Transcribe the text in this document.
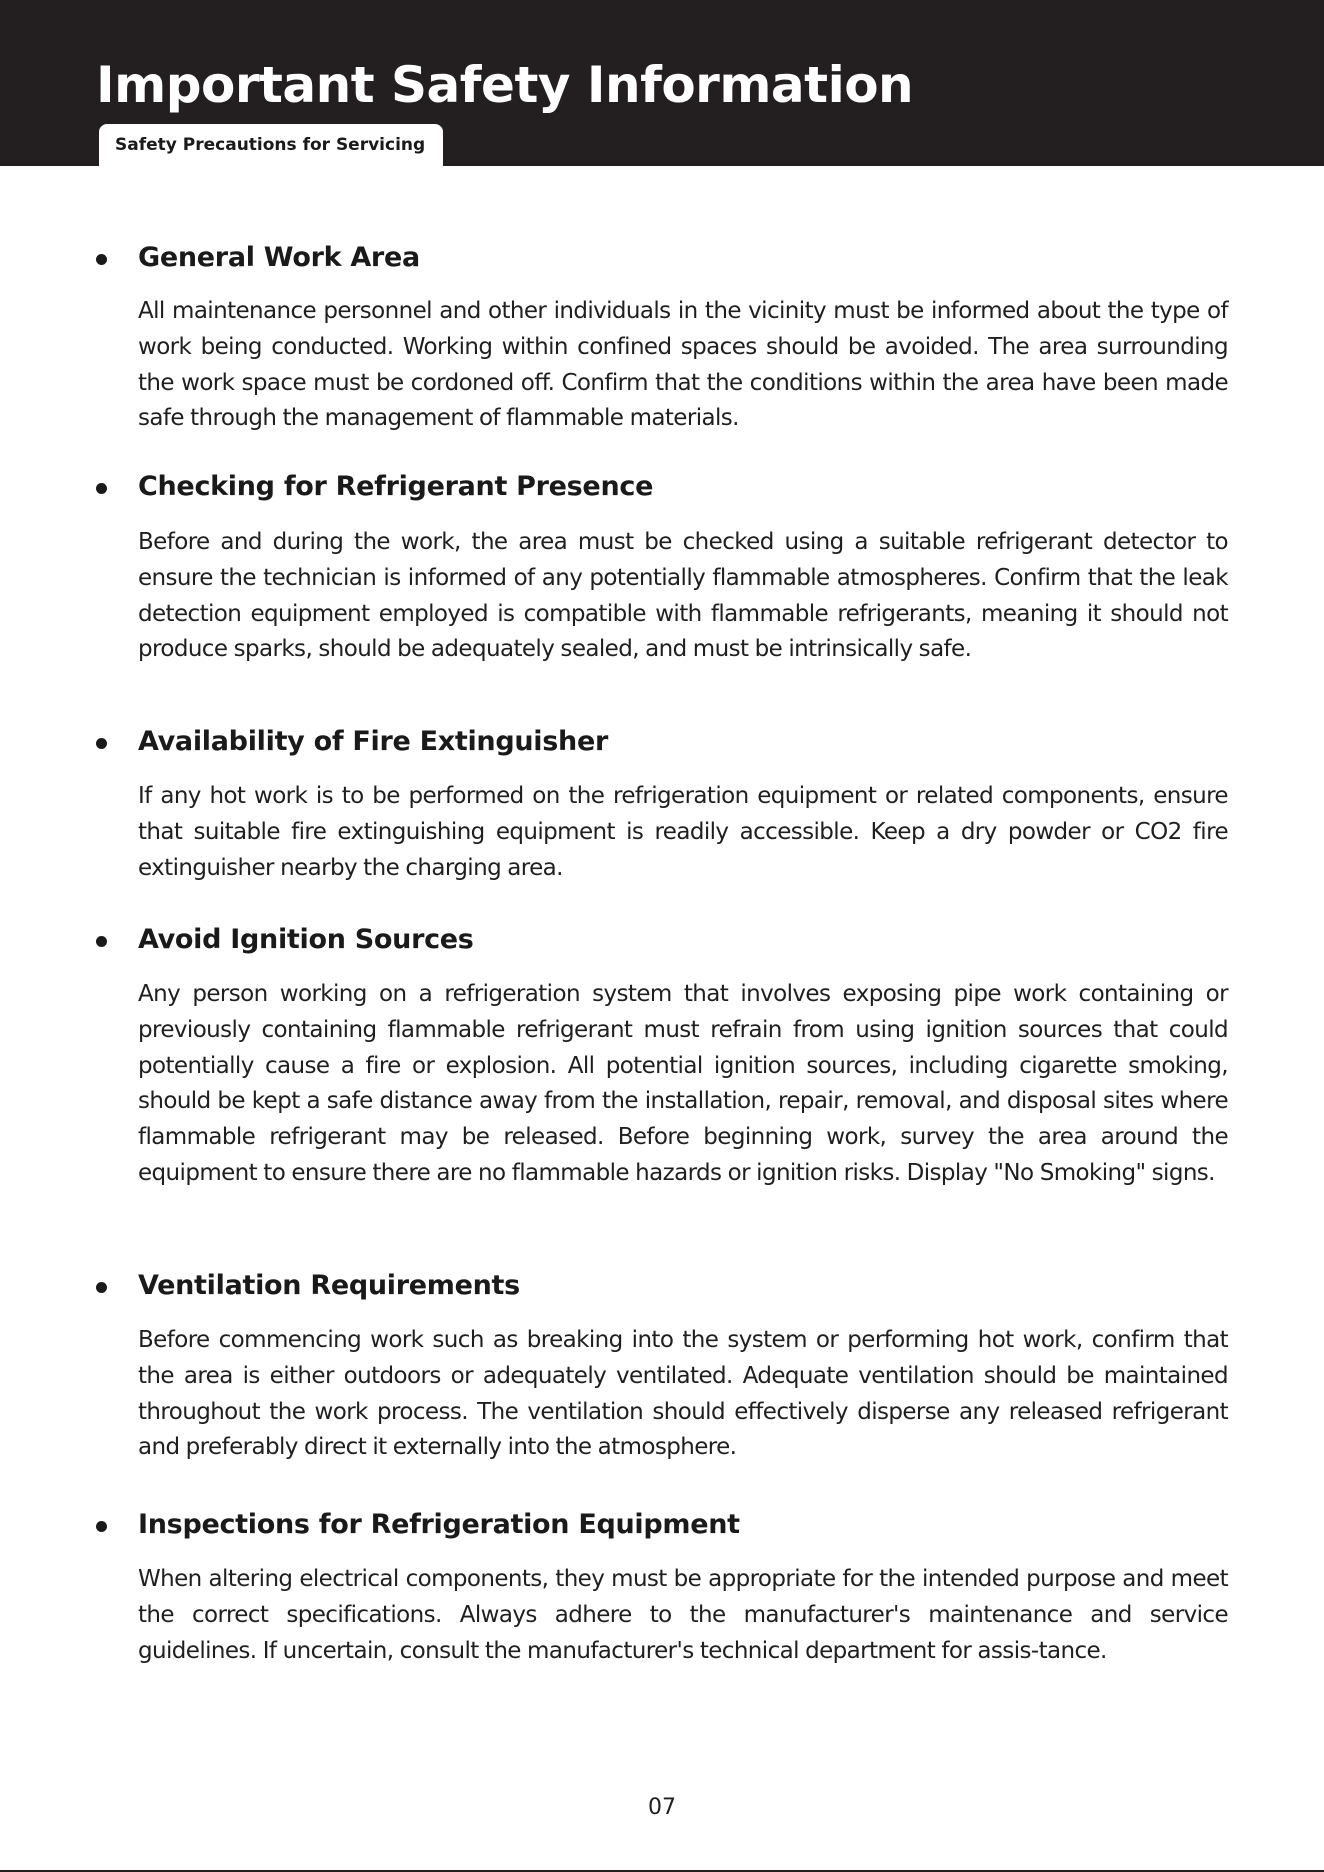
Important Safety Information
Safety Precautions for Servicing
General Work Area

All maintenance personnel and other individuals in the vicinity must be informed about the type of work being conducted. Working within confined spaces should be avoided. The area surrounding the work space must be cordoned off. Confirm that the conditions within the area have been made safe through the management of flammable materials.

Checking for Refrigerant Presence

Before and during the work, the area must be checked using a suitable refrigerant detector to ensure the technician is informed of any potentially flammable atmospheres. Confirm that the leak detection equipment employed is compatible with flammable refrigerants, meaning it should not produce sparks, should be adequately sealed, and must be intrinsically safe.

Availability of Fire Extinguisher

If any hot work is to be performed on the refrigeration equipment or related components, ensure that suitable fire extinguishing equipment is readily accessible. Keep a dry powder or CO2 fire extinguisher nearby the charging area.

Avoid Ignition Sources

Any person working on a refrigeration system that involves exposing pipe work containing or previously containing flammable refrigerant must refrain from using ignition sources that could potentially cause a fire or explosion. All potential ignition sources, including cigarette smoking, should be kept a safe distance away from the installation, repair, removal, and disposal sites where flammable refrigerant may be released. Before beginning work, survey the area around the equipment to ensure there are no flammable hazards or ignition risks. Display "No Smoking" signs.

Ventilation Requirements

Before commencing work such as breaking into the system or performing hot work, confirm that the area is either outdoors or adequately ventilated. Adequate ventilation should be maintained throughout the work process. The ventilation should effectively disperse any released refrigerant and preferably direct it externally into the atmosphere.

Inspections for Refrigeration Equipment

When altering electrical components, they must be appropriate for the intended purpose and meet the correct specifications. Always adhere to the manufacturer's maintenance and service guidelines. If uncertain, consult the manufacturer's technical department for assis-tance.

07
